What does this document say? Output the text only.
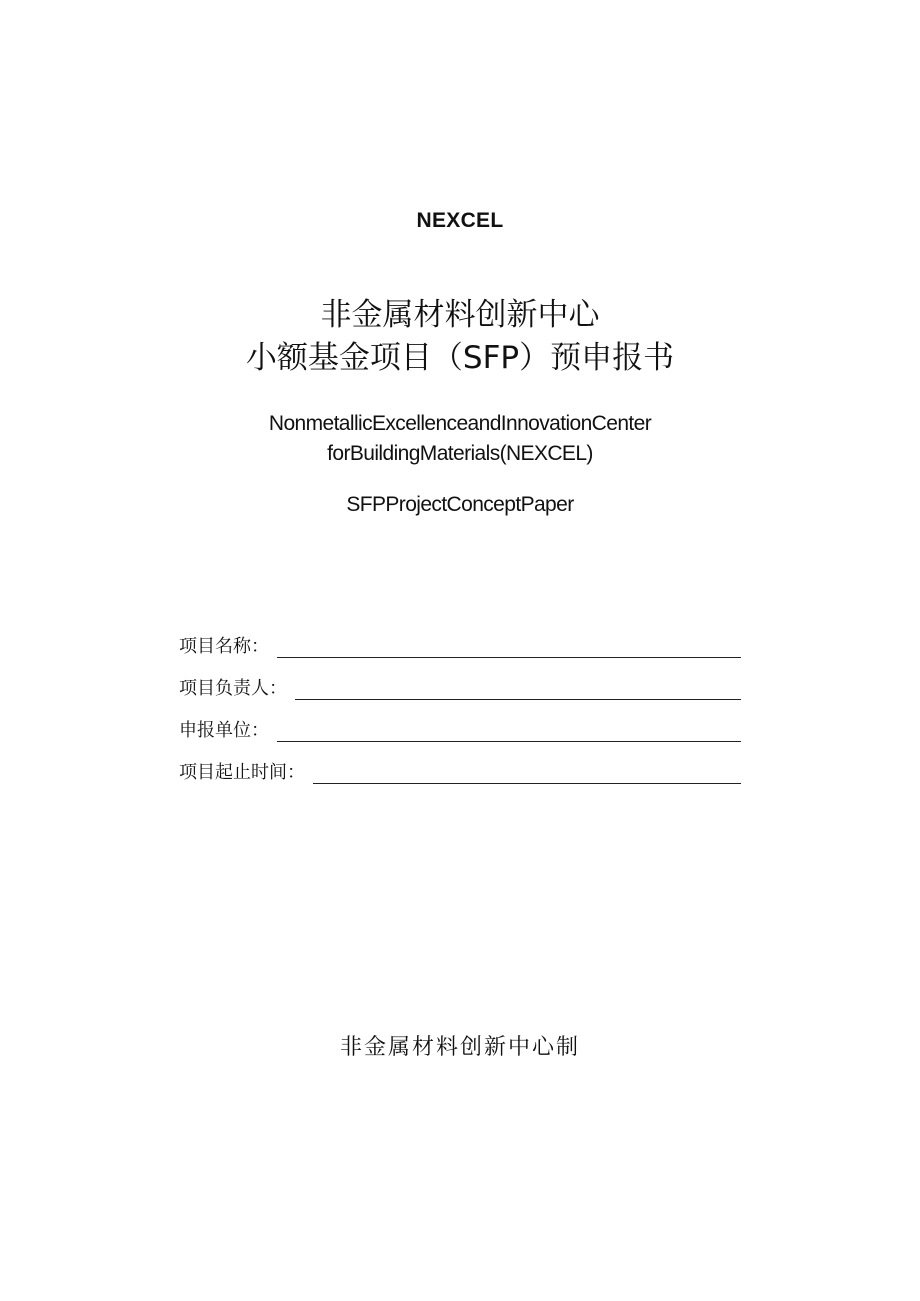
NEXCEL
非金属材料创新中心
小额基金项目（SFP）预申报书
NonmetallicExcellenceandInnovationCenter
forBuildingMaterials(NEXCEL)
SFPProjectConceptPaper
项目名称：
项目负责人：
申报单位：
项目起止时间：
非金属材料创新中心制
